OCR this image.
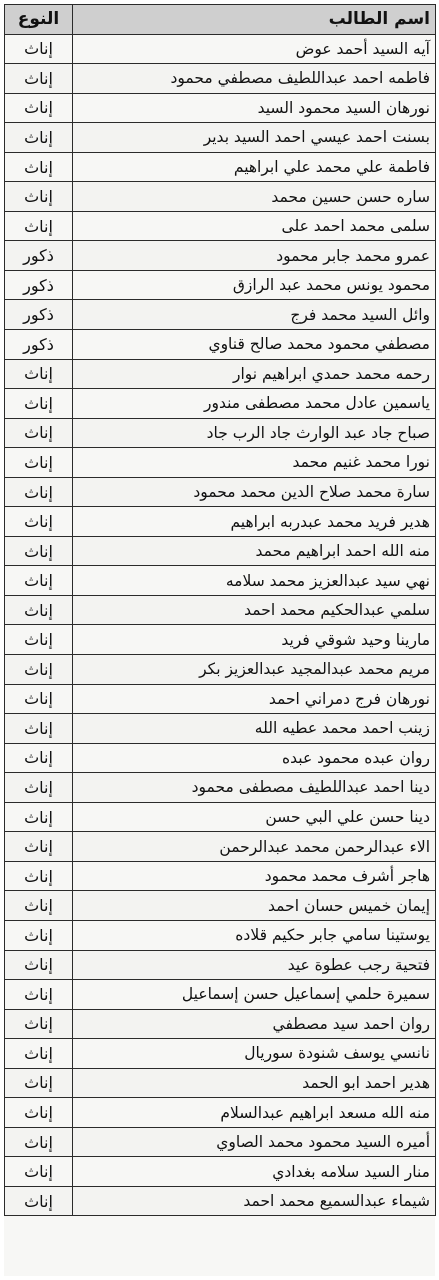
اسم الطالب	النوع
آيه السيد أحمد عوض	إناث
فاطمه احمد عبداللطيف مصطفي محمود	إناث
نورهان السيد محمود السيد	إناث
بسنت احمد عيسي احمد السيد بدير	إناث
فاطمة علي محمد علي ابراهيم	إناث
ساره حسن حسين محمد	إناث
سلمى محمد احمد على	إناث
عمرو محمد جابر محمود	ذكور
محمود يونس محمد عبد الرازق	ذكور
وائل السيد محمد فرج	ذكور
مصطفي محمود محمد صالح قناوي	ذكور
رحمه محمد حمدي ابراهيم نوار	إناث
ياسمين عادل محمد مصطفى مندور	إناث
صباح جاد عبد الوارث جاد الرب جاد	إناث
نورا محمد غنيم محمد	إناث
سارة محمد صلاح الدين محمد محمود	إناث
هدير فريد محمد عبدربه ابراهيم	إناث
منه الله احمد ابراهيم محمد	إناث
نهي سيد عبدالعزيز محمد سلامه	إناث
سلمي عبدالحكيم محمد احمد	إناث
مارينا وحيد شوقي فريد	إناث
مريم محمد عبدالمجيد عبدالعزيز بكر	إناث
نورهان فرج دمراني احمد	إناث
زينب احمد محمد عطيه الله	إناث
روان عبده محمود عبده	إناث
دينا احمد عبداللطيف مصطفى محمود	إناث
دينا حسن علي البي حسن	إناث
الاء عبدالرحمن محمد عبدالرحمن	إناث
هاجر أشرف محمد محمود	إناث
إيمان خميس حسان احمد	إناث
يوستينا سامي جابر حكيم قلاده	إناث
فتحية رجب عطوة عيد	إناث
سميرة حلمي إسماعيل حسن إسماعيل	إناث
روان احمد سيد مصطفي	إناث
نانسي يوسف شنودة سوريال	إناث
هدير احمد ابو الحمد	إناث
منه الله مسعد ابراهيم عبدالسلام	إناث
أميره السيد محمود محمد الصاوي	إناث
منار السيد سلامه بغدادي	إناث
شيماء عبدالسميع محمد احمد	إناث
